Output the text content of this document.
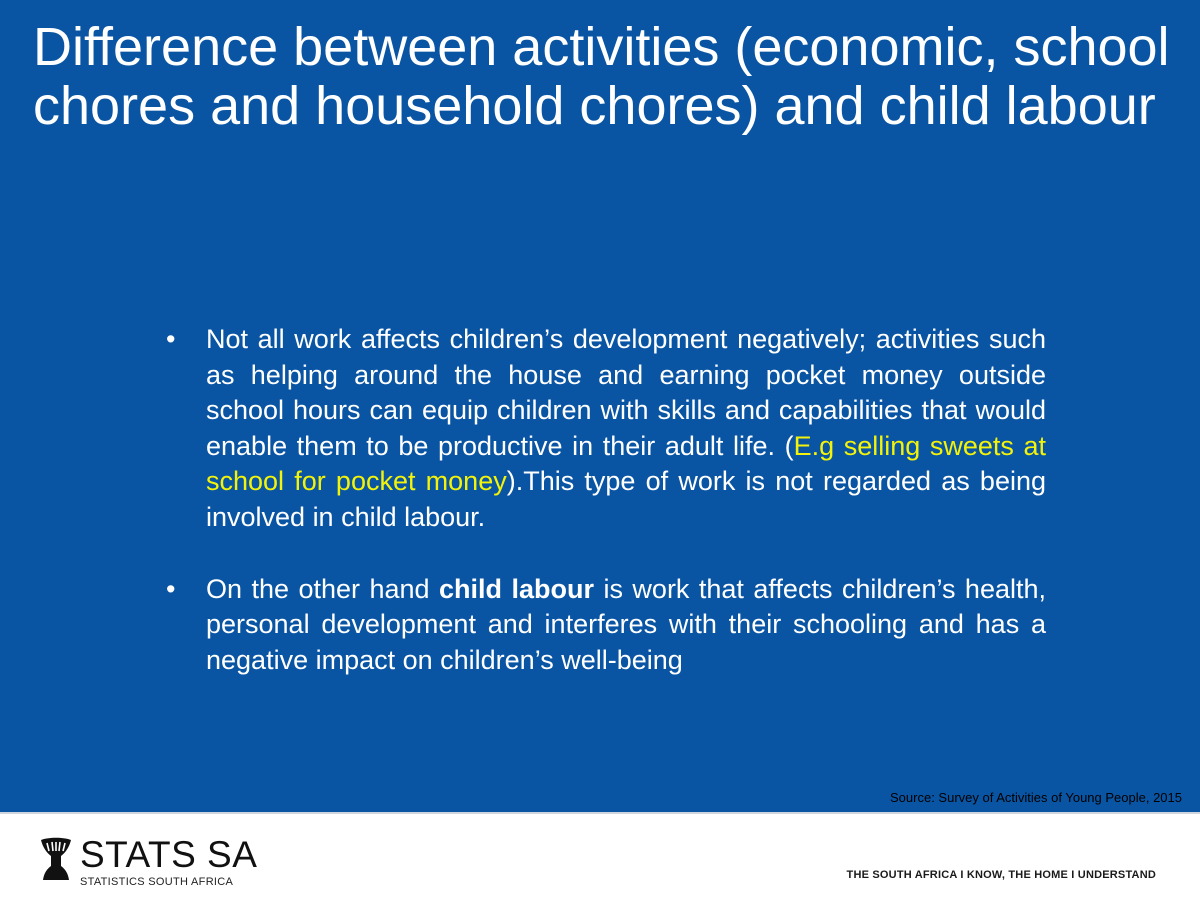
Difference between activities (economic, school chores and household chores) and child labour
• Not all work affects children’s development negatively; activities such as helping around the house and earning pocket money outside school hours can equip children with skills and capabilities that would enable them to be productive in their adult life. (E.g selling sweets at school for pocket money).This type of work is not regarded as being involved in child labour.
• On the other hand child labour is work that affects children’s health, personal development and interferes with their schooling and has a negative impact on children’s well-being
Source: Survey of Activities of Young People, 2015
STATS SA
STATISTICS SOUTH AFRICA
THE SOUTH AFRICA I KNOW, THE HOME I UNDERSTAND
